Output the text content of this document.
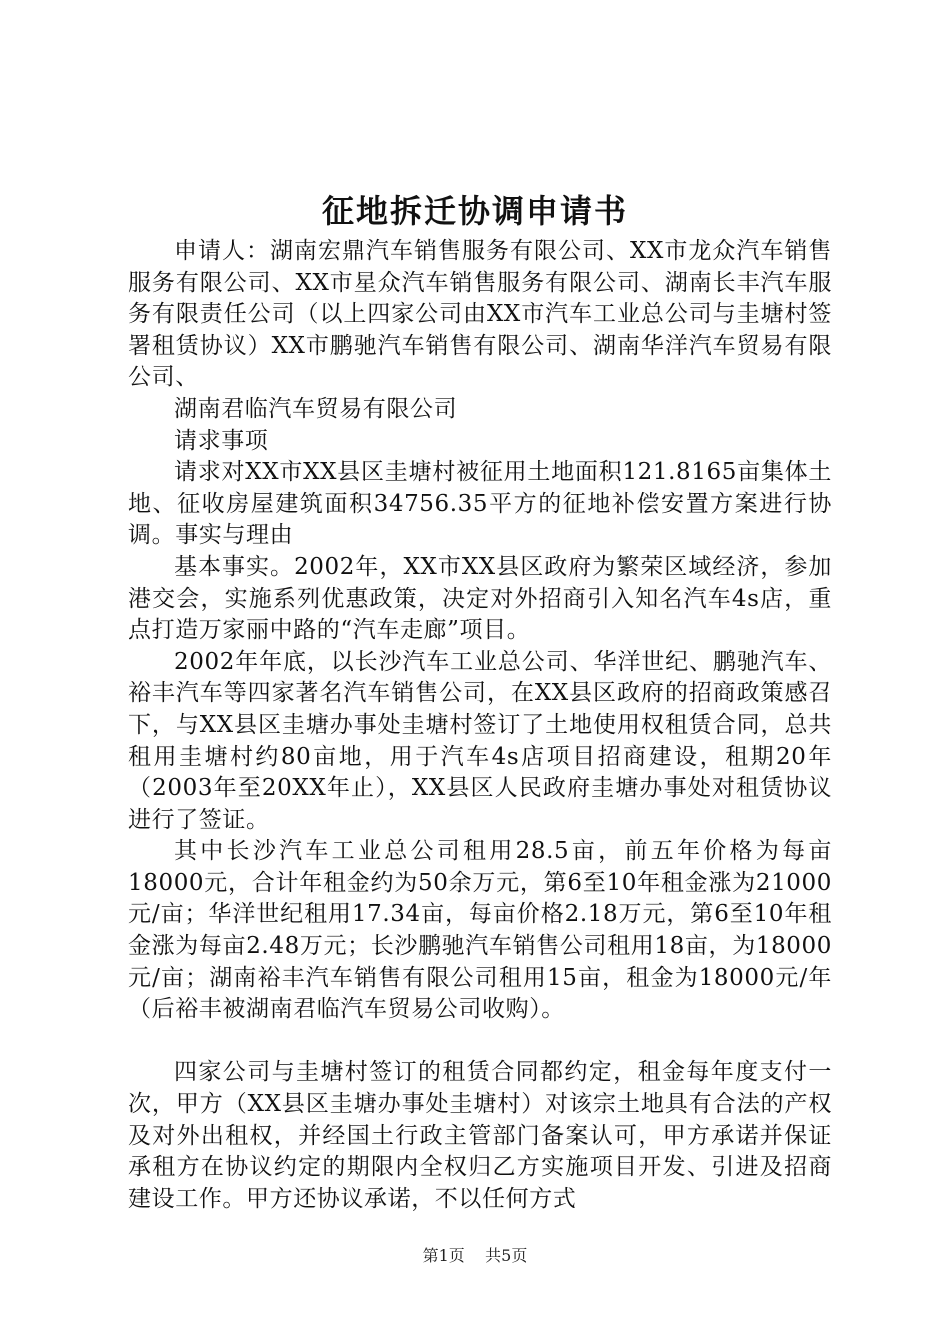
征地拆迁协调申请书

申请人：湖南宏鼎汽车销售服务有限公司、XX市龙众汽车销售服务有限公司、XX市星众汽车销售服务有限公司、湖南长丰汽车服务有限责任公司（以上四家公司由XX市汽车工业总公司与圭塘村签署租赁协议）XX市鹏驰汽车销售有限公司、湖南华洋汽车贸易有限公司、

湖南君临汽车贸易有限公司

请求事项

请求对XX市XX县区圭塘村被征用土地面积121.8165亩集体土地、征收房屋建筑面积34756.35平方的征地补偿安置方案进行协调。事实与理由

基本事实。2002年，XX市XX县区政府为繁荣区域经济，参加港交会，实施系列优惠政策，决定对外招商引入知名汽车4s店，重点打造万家丽中路的“汽车走廊”项目。

2002年年底，以长沙汽车工业总公司、华洋世纪、鹏驰汽车、裕丰汽车等四家著名汽车销售公司，在XX县区政府的招商政策感召下，与XX县区圭塘办事处圭塘村签订了土地使用权租赁合同，总共租用圭塘村约80亩地，用于汽车4s店项目招商建设，租期20年（2003年至20XX年止），XX县区人民政府圭塘办事处对租赁协议进行了签证。

其中长沙汽车工业总公司租用28.5亩，前五年价格为每亩18000元，合计年租金约为50余万元，第6至10年租金涨为21000元/亩；华洋世纪租用17.34亩，每亩价格2.18万元，第6至10年租金涨为每亩2.48万元；长沙鹏驰汽车销售公司租用18亩，为18000元/亩；湖南裕丰汽车销售有限公司租用15亩，租金为18000元/年（后裕丰被湖南君临汽车贸易公司收购）。

四家公司与圭塘村签订的租赁合同都约定，租金每年度支付一次，甲方（XX县区圭塘办事处圭塘村）对该宗土地具有合法的产权及对外出租权，并经国土行政主管部门备案认可，甲方承诺并保证承租方在协议约定的期限内全权归乙方实施项目开发、引进及招商建设工作。甲方还协议承诺，不以任何方式

第1页 共5页
